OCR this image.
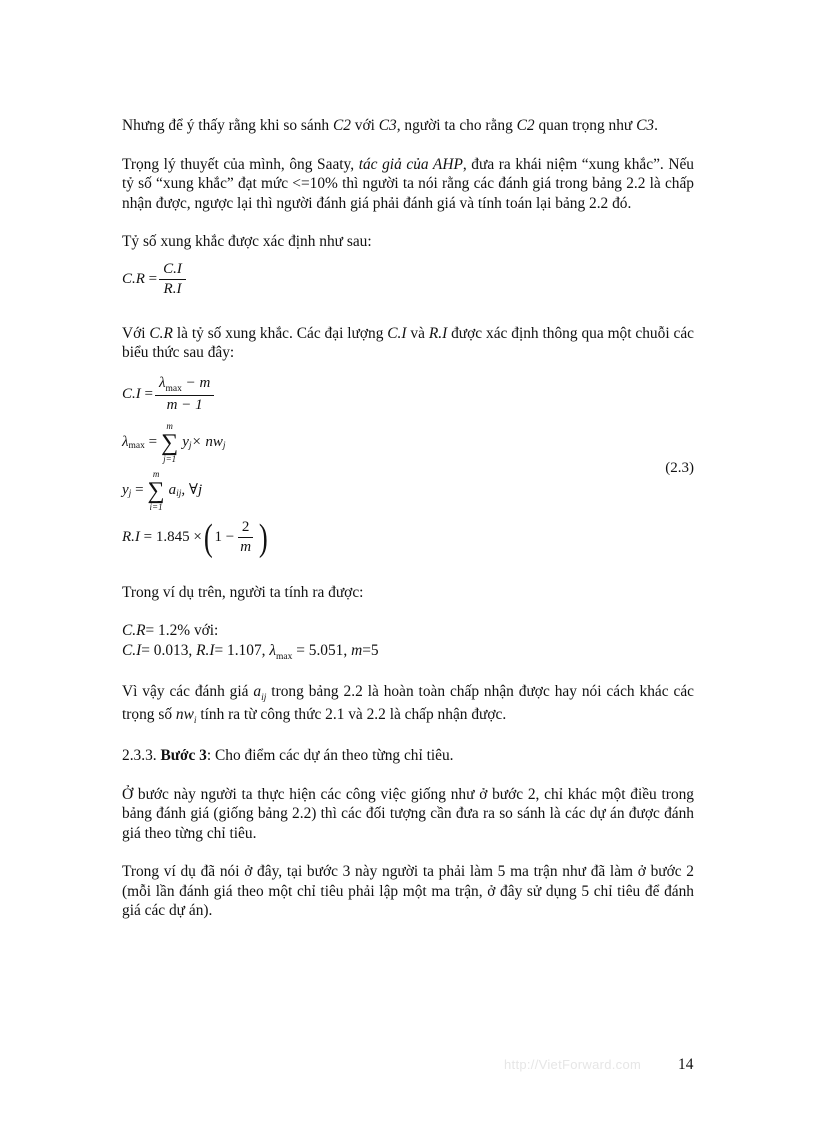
Nhưng để ý thấy rằng khi so sánh C2 với C3, người ta cho rằng C2 quan trọng như C3.

Trọng lý thuyết của mình, ông Saaty, tác giả của AHP, đưa ra khái niệm “xung khắc”. Nếu tỷ số “xung khắc” đạt mức <=10% thì người ta nói rằng các đánh giá trong bảng 2.2 là chấp nhận được, ngược lại thì người đánh giá phải đánh giá và tính toán lại bảng 2.2 đó.

Tỷ số xung khắc được xác định như sau:

C.R
= $\frac{C.I}{R.I}$

Với C.R là tỷ số xung khắc. Các đại lượng C.I và R.I được xác định thông qua một chuỗi các biểu thức sau đây:

C.I
= $\frac{\lambda_{max} - m}{m - 1}$
λ max
=
m
∑
j=1
y j × nw j
y j
=
m
∑
i=1
a ij , ∀j
R.I
=
1.845 × ( $1 - \frac{2}{m}$ )
(2.3)

Trong ví dụ trên, người ta tính ra được:

C.R= 1.2% với:
C.I= 0.013, R.I= 1.107, $\lambda_{max} = 5.051$, m=5

Vì vậy các đánh giá $a_{ij}$ trong bảng 2.2 là hoàn toàn chấp nhận được hay nói cách khác các trọng số $nw_i$ tính ra từ công thức 2.1 và 2.2 là chấp nhận được.

2.3.3. Bước 3: Cho điểm các dự án theo từng chỉ tiêu.

Ở bước này người ta thực hiện các công việc giống như ở bước 2, chỉ khác một điều trong bảng đánh giá (giống bảng 2.2) thì các đối tượng cần đưa ra so sánh là các dự án được đánh giá theo từng chỉ tiêu.

Trong ví dụ đã nói ở đây, tại bước 3 này người ta phải làm 5 ma trận như đã làm ở bước 2 (mỗi lần đánh giá theo một chỉ tiêu phải lập một ma trận, ở đây sử dụng 5 chỉ tiêu để đánh giá các dự án).

http://VietForward.com 14
